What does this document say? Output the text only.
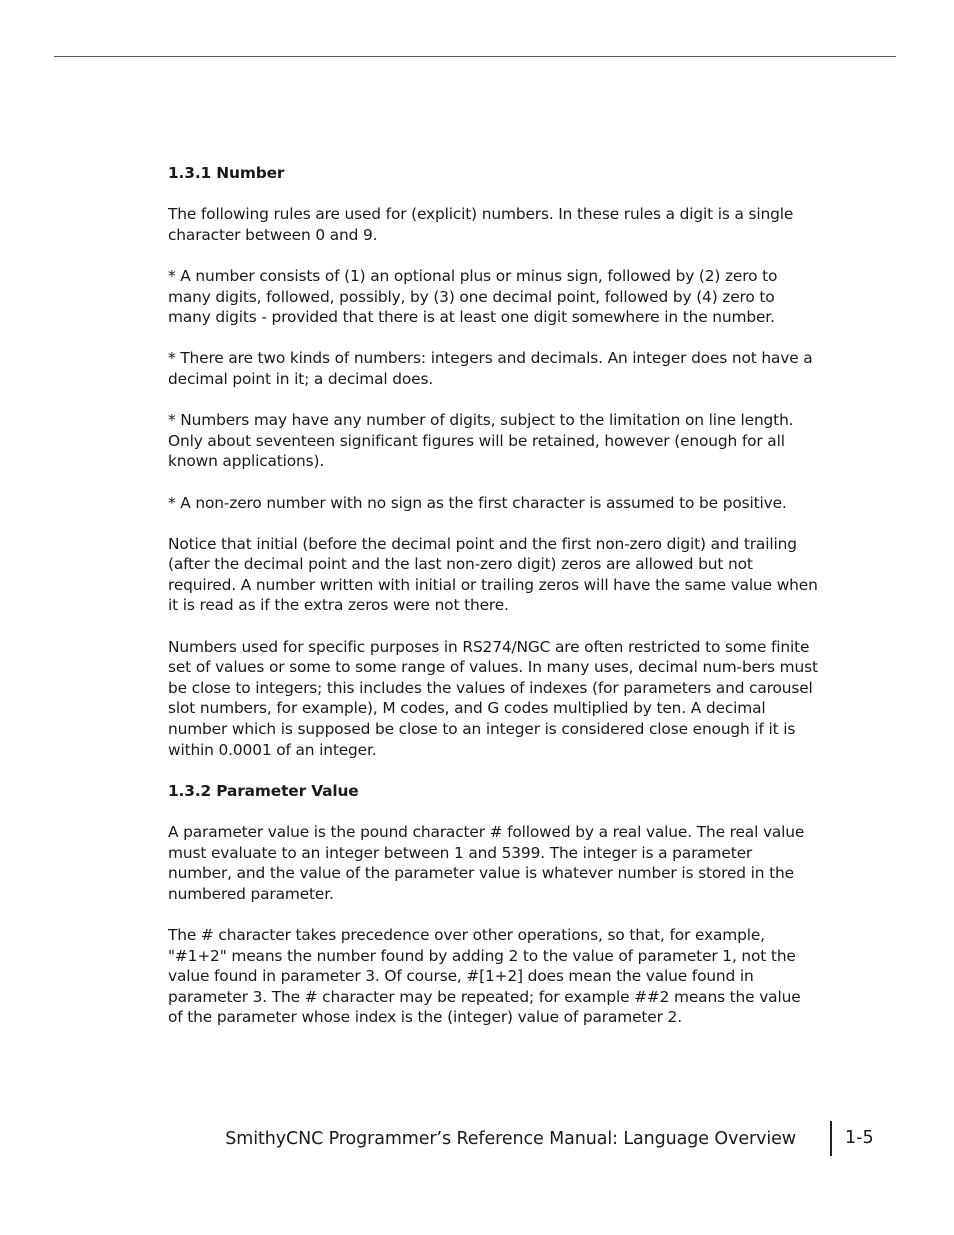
1.3.1 Number

The following rules are used for (explicit) numbers. In these rules a digit is a single character between 0 and 9.

* A number consists of (1) an optional plus or minus sign, followed by (2) zero to many digits, followed, possibly, by (3) one decimal point, followed by (4) zero to many digits - provided that there is at least one digit somewhere in the number.

* There are two kinds of numbers: integers and decimals. An integer does not have a decimal point in it; a decimal does.

* Numbers may have any number of digits, subject to the limitation on line length. Only about seventeen significant figures will be retained, however (enough for all known applications).

* A non-zero number with no sign as the first character is assumed to be positive.

Notice that initial (before the decimal point and the first non-zero digit) and trailing (after the decimal point and the last non-zero digit) zeros are allowed but not required. A number written with initial or trailing zeros will have the same value when it is read as if the extra zeros were not there.

Numbers used for specific purposes in RS274/NGC are often restricted to some finite set of values or some to some range of values. In many uses, decimal num-bers must be close to integers; this includes the values of indexes (for parameters and carousel slot numbers, for example), M codes, and G codes multiplied by ten. A decimal number which is supposed be close to an integer is considered close enough if it is within 0.0001 of an integer.

1.3.2 Parameter Value

A parameter value is the pound character # followed by a real value. The real value must evaluate to an integer between 1 and 5399. The integer is a parameter number, and the value of the parameter value is whatever number is stored in the numbered parameter.

The # character takes precedence over other operations, so that, for example, "#1+2" means the number found by adding 2 to the value of parameter 1, not the value found in parameter 3. Of course, #[1+2] does mean the value found in parameter 3. The # character may be repeated; for example ##2 means the value of the parameter whose index is the (integer) value of parameter 2.

SmithyCNC Programmer’s Reference Manual: Language Overview	1-5
